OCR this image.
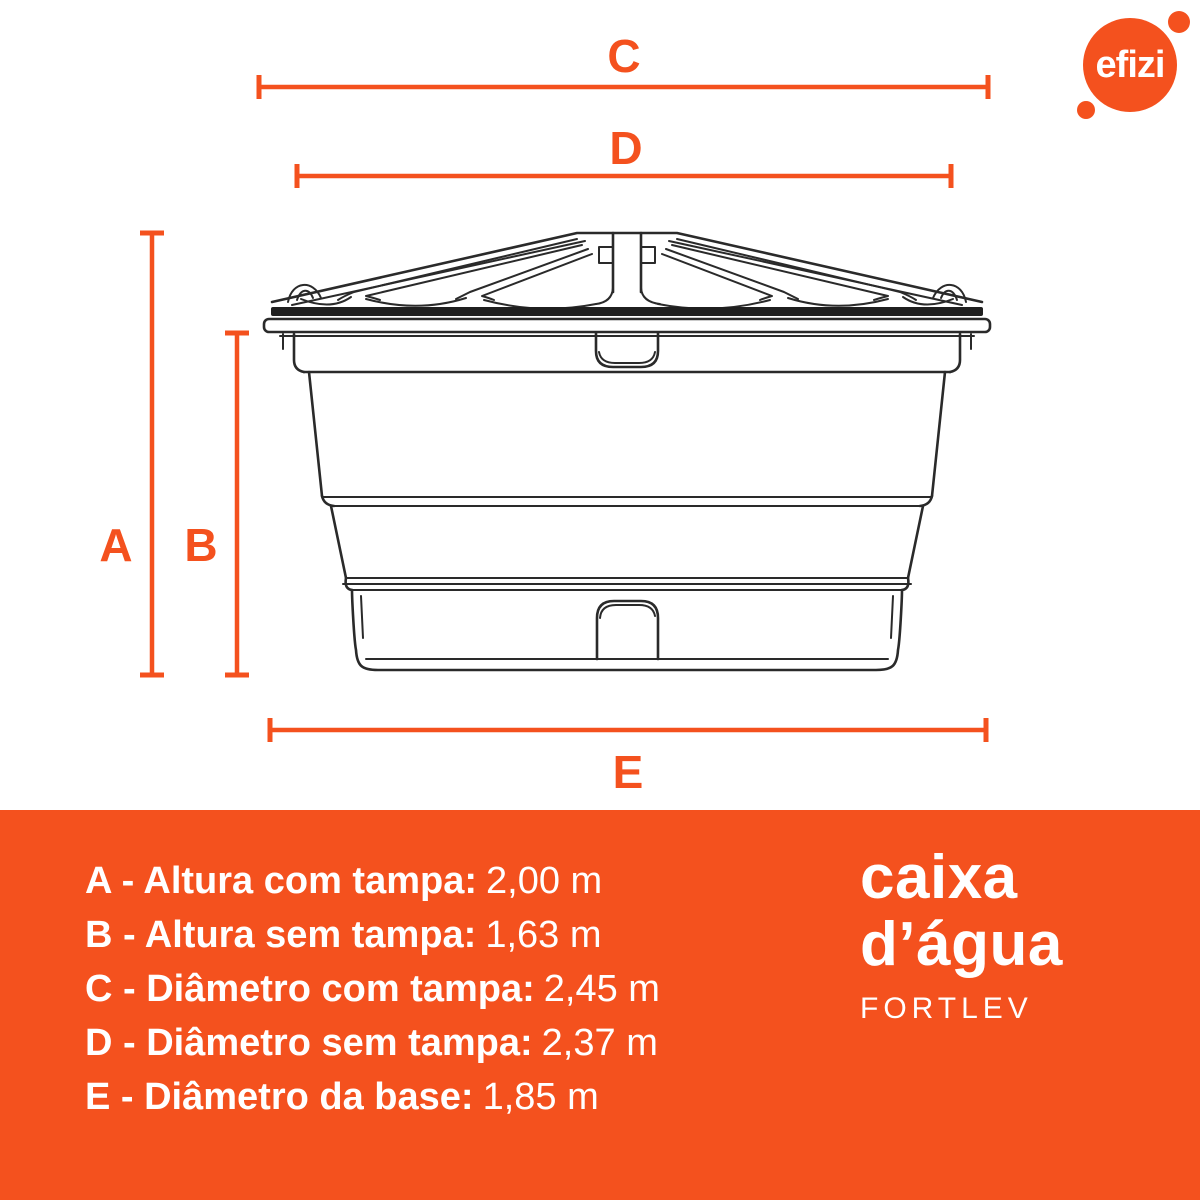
C
D
A B
E
efizi
A - Altura com tampa: 2,00 m
B - Altura sem tampa: 1,63 m
C - Diâmetro com tampa: 2,45 m
D - Diâmetro sem tampa: 2,37 m
E - Diâmetro da base: 1,85 m
caixa
d’água
FORTLEV
